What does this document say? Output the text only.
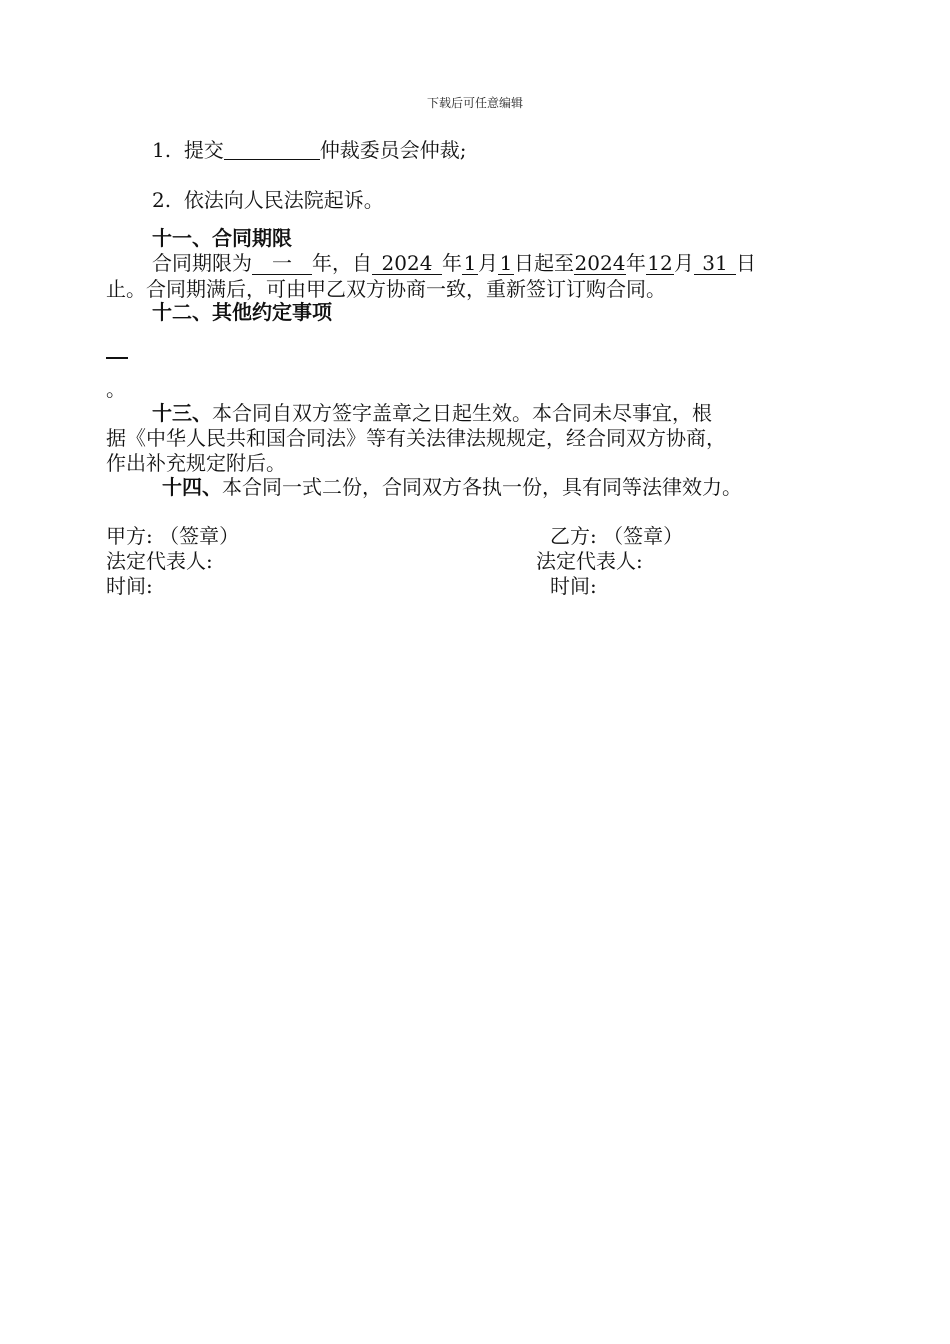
下载后可任意编辑
1. 提交	仲裁委员会仲裁;
2. 依法向人民法院起诉。
十一、合同期限
合同期限为 一 年，自 2024 年1月1日起至2024年12月 31 日
止。合同期满后，可由甲乙双方协商一致，重新签订订购合同。
十二、其他约定事项
。
十三、本合同自双方签字盖章之日起生效。本合同未尽事宜，根
据《中华人民共和国合同法》等有关法律法规规定，经合同双方协商，
作出补充规定附后。
十四、本合同一式二份，合同双方各执一份，具有同等法律效力。
甲方: （签章）
法定代表人:
时间:
乙方: （签章）
法定代表人:
时间:
